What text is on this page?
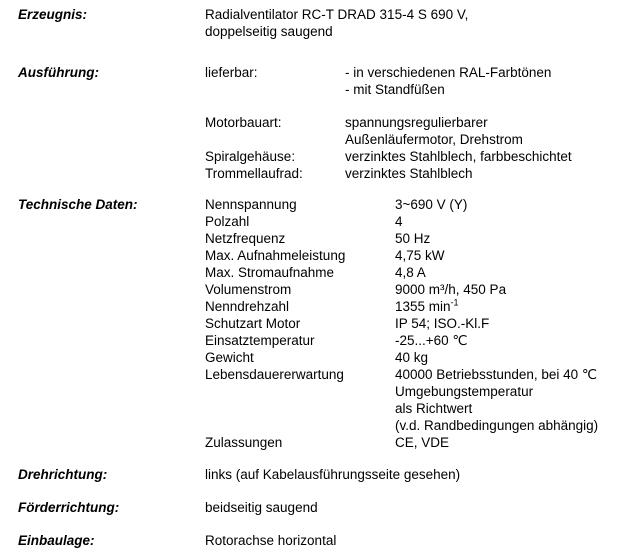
Erzeugnis:	Radialventilator RC-T DRAD 315-4 S 690 V,
doppelseitig saugend
Ausführung:	lieferbar:	- in verschiedenen RAL-Farbtönen
- mit Standfüßen
Motorbauart:	spannungsregulierbarer
Außenläufermotor, Drehstrom
Spiralgehäuse:	verzinktes Stahlblech, farbbeschichtet
Trommellaufrad:	verzinktes Stahlblech
Technische Daten:	Nennspannung	3~690 V (Y)
Polzahl	4
Netzfrequenz	50 Hz
Max. Aufnahmeleistung	4,75 kW
Max. Stromaufnahme	4,8 A
Volumenstrom	9000 m³/h, 450 Pa
Nenndrehzahl	1355 $\min^{-1}$
Schutzart Motor	IP 54; ISO.-Kl.F
Einsatztemperatur	-25...+60 ℃
Gewicht	40 kg
Lebensdauererwartung	40000 Betriebsstunden, bei 40 ℃
Umgebungstemperatur
als Richtwert
(v.d. Randbedingungen abhängig)
Zulassungen	CE, VDE
Drehrichtung:	links (auf Kabelausführungsseite gesehen)
Förderrichtung:	beidseitig saugend
Einbaulage:	Rotorachse horizontal
